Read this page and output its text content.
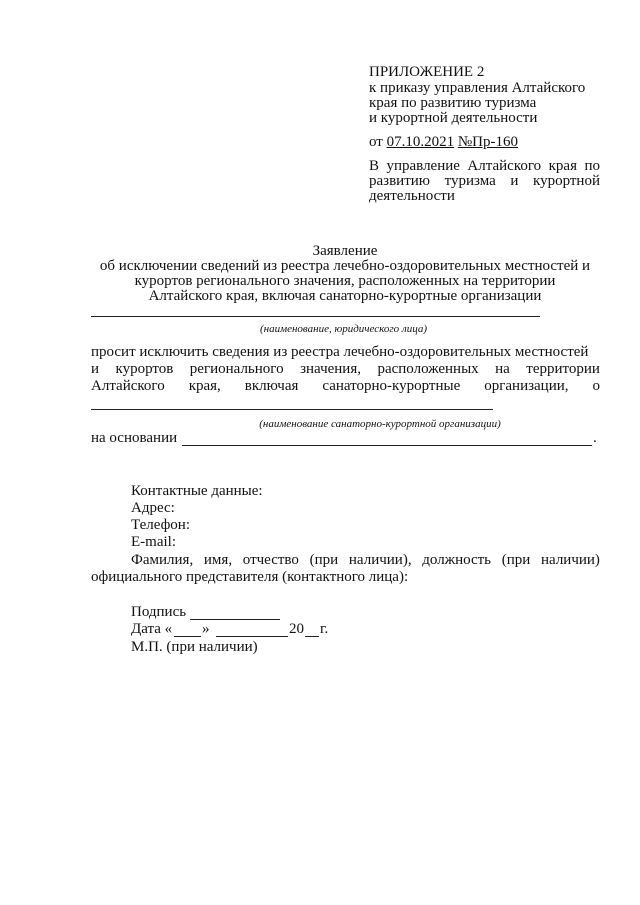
ПРИЛОЖЕНИЕ 2
к приказу управления Алтайского
края по развитию туризма
и курортной деятельности
от 07.10.2021 №Пр-160
В управление Алтайского края по
развитию туризма и курортной
деятельности
Заявление
об исключении сведений из реестра лечебно-оздоровительных местностей и
курортов регионального значения, расположенных на территории
Алтайского края, включая санаторно-курортные организации
(наименование, юридического лица)
просит исключить сведения из реестра лечебно-оздоровительных местностей
и курортов регионального значения, расположенных на территории
Алтайского края, включая санаторно-курортные организации, о
(наименование санаторно-курортной организации)
на основании	.
Контактные данные:
Адрес:
Телефон:
E-mail:
Фамилия, имя, отчество (при наличии), должность (при наличии)
официального представителя (контактного лица):
Подпись
Дата « »	20 г.
М.П. (при наличии)
